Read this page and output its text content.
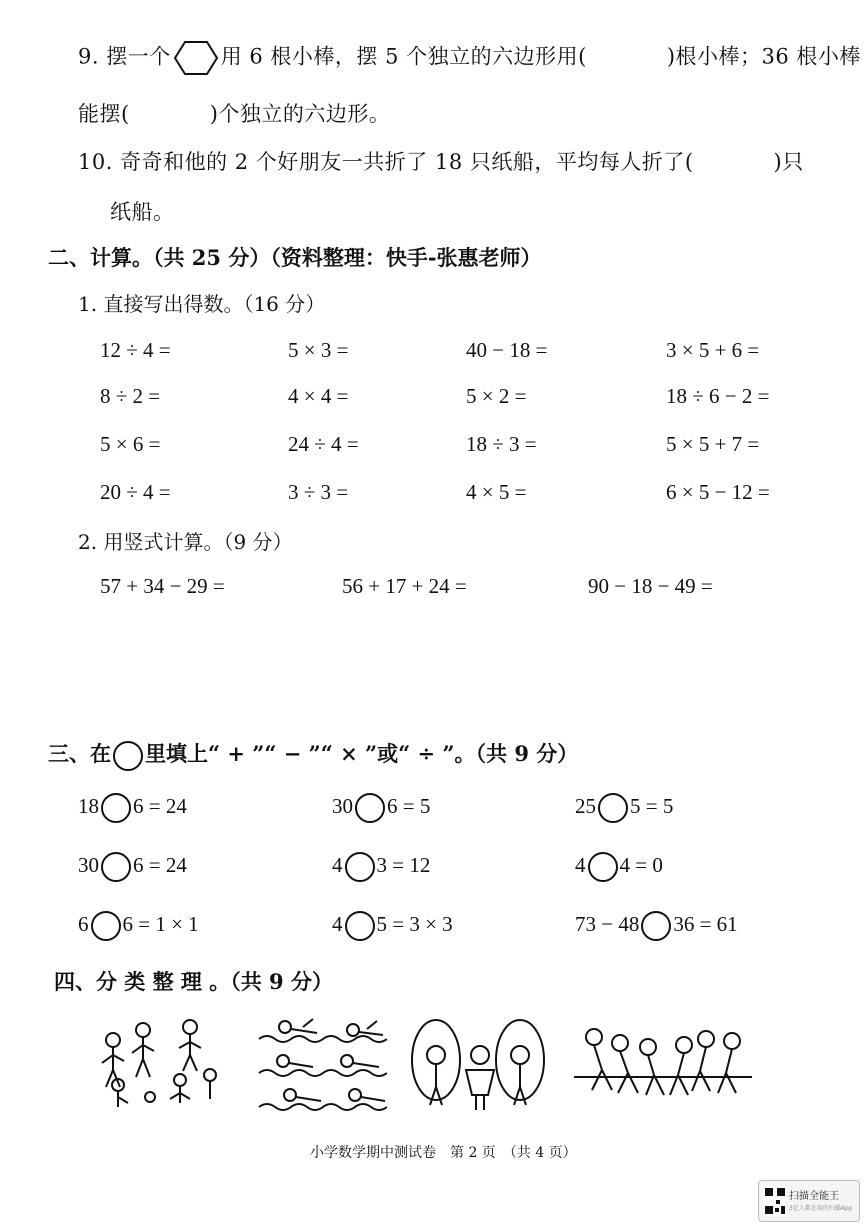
9. 摆一个 用 6 根小棒，摆 5 个独立的六边形用(	)根小棒；36 根小棒
能摆(	)个独立的六边形。
10. 奇奇和他的 2 个好朋友一共折了 18 只纸船，平均每人折了(	)只
纸船。
二、计算。（共 25 分）（资料整理：快手-张惠老师）
1. 直接写出得数。（16 分）
12 ÷ 4 =	5 × 3 =	40 − 18 =	3 × 5 + 6 =
8 ÷ 2 =	4 × 4 =	5 × 2 =	18 ÷ 6 − 2 =
5 × 6 =	24 ÷ 4 =	18 ÷ 3 =	5 × 5 + 7 =
20 ÷ 4 =	3 ÷ 3 =	4 × 5 =	6 × 5 − 12 =
2. 用竖式计算。（9 分）
57 + 34 − 29 =	56 + 17 + 24 =	90 − 18 − 49 =
三、在 里填上“ + ”“ − ”“ × ”或“ ÷ ”。（共 9 分）
18 6 = 24	30 6 = 5	25 5 = 5
30 6 = 24	4 3 = 12	4 4 = 0
6 6 = 1 × 1	4 5 = 3 × 3	73 − 48 36 = 61
四、分 类 整 理 。（共 9 分）
小学数学期中测试卷　第 2 页　（共 4 页）
扫描全能王
3亿人都在用的扫描App
